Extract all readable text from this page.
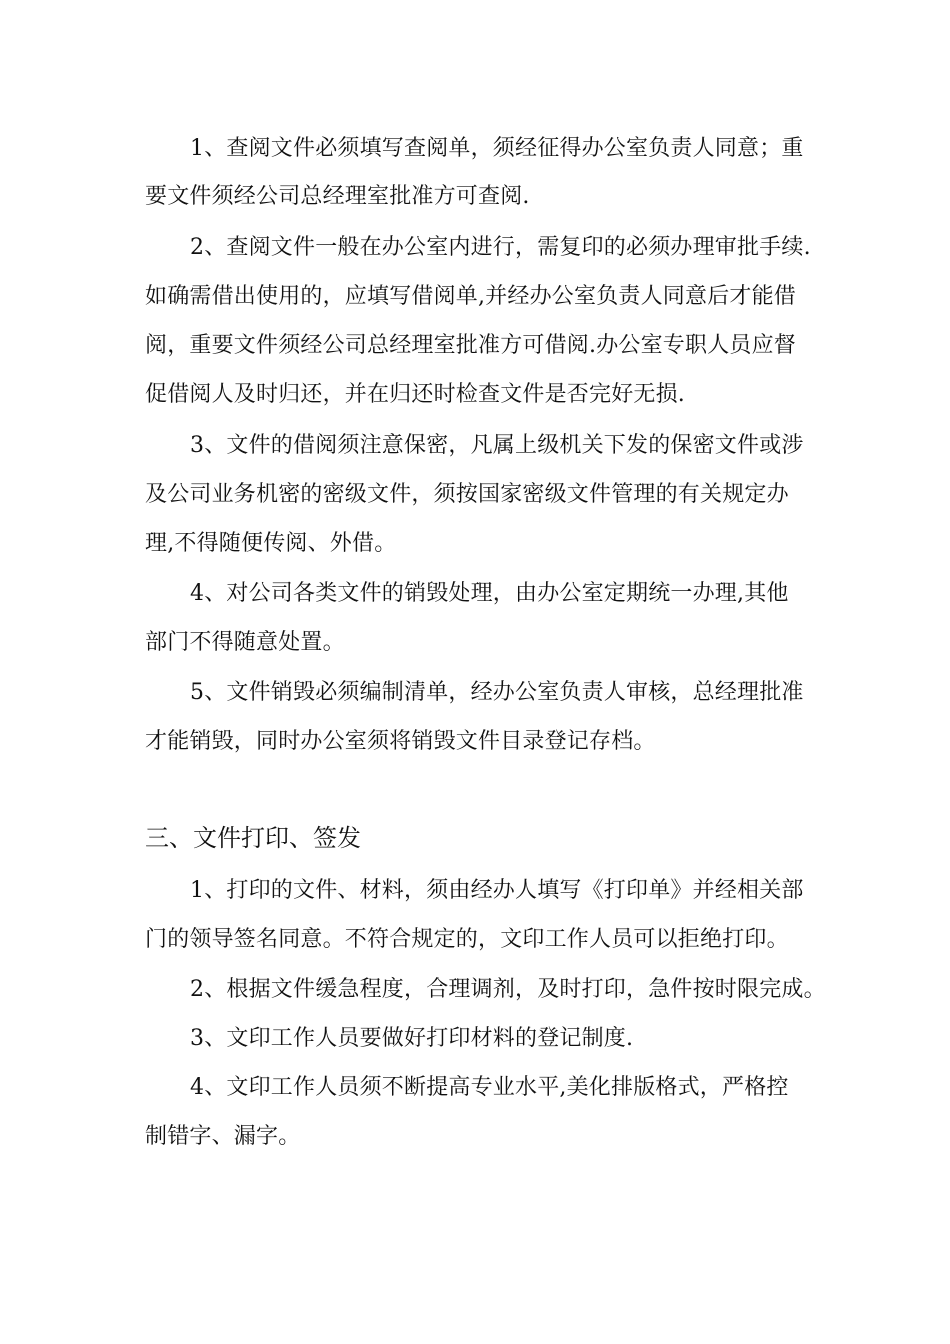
1、查阅文件必须填写查阅单，须经征得办公室负责人同意；重
要文件须经公司总经理室批准方可查阅.
2、查阅文件一般在办公室内进行，需复印的必须办理审批手续.
如确需借出使用的，应填写借阅单,并经办公室负责人同意后才能借
阅，重要文件须经公司总经理室批准方可借阅.办公室专职人员应督
促借阅人及时归还，并在归还时检查文件是否完好无损.
3、文件的借阅须注意保密，凡属上级机关下发的保密文件或涉
及公司业务机密的密级文件，须按国家密级文件管理的有关规定办
理,不得随便传阅、外借。
4、对公司各类文件的销毁处理，由办公室定期统一办理,其他
部门不得随意处置。
5、文件销毁必须编制清单，经办公室负责人审核，总经理批准
才能销毁，同时办公室须将销毁文件目录登记存档。
三、文件打印、签发
1、打印的文件、材料，须由经办人填写《打印单》并经相关部
门的领导签名同意。不符合规定的，文印工作人员可以拒绝打印。
2、根据文件缓急程度，合理调剂，及时打印，急件按时限完成。
3、文印工作人员要做好打印材料的登记制度.
4、文印工作人员须不断提高专业水平,美化排版格式，严格控
制错字、漏字。
